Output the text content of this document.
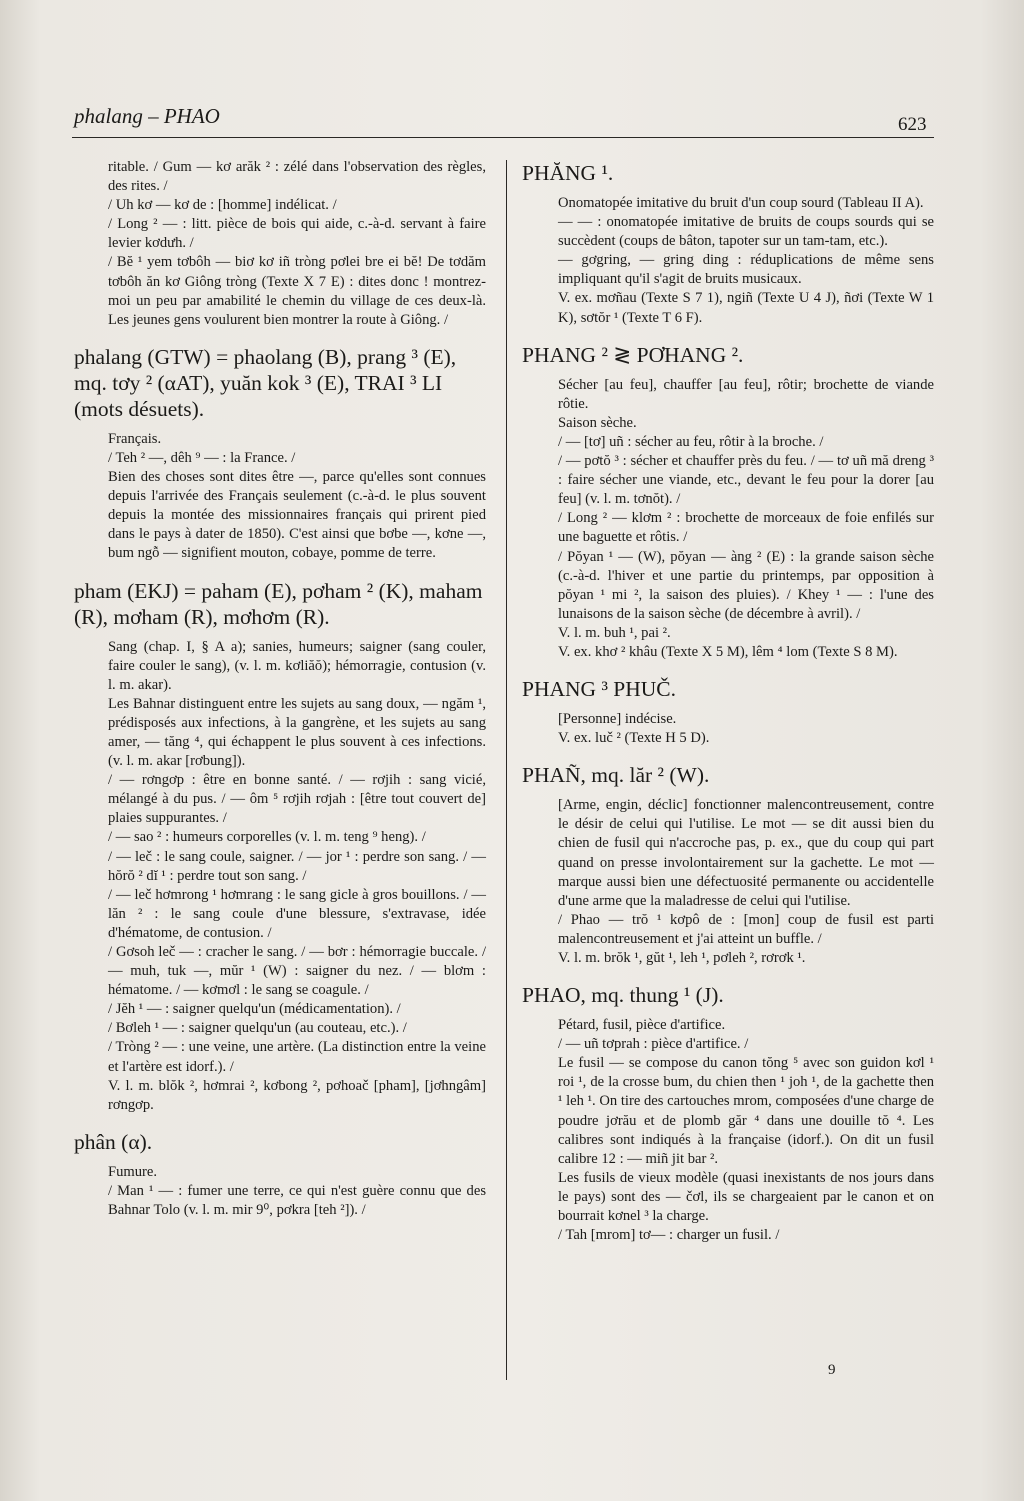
phalang – PHAO	623
ritable. / Gum — kơ arăk ² : zélé dans l'observation des règles, des rites. /
/ Uh kơ — kơ de : [homme] indélicat. /
/ Long ² — : litt. pièce de bois qui aide, c.-à-d. servant à faire levier kơdưh. /
/ Bĕ ¹ yem tơbôh — biơ kơ iñ tròng pơlei bre ei bĕ! De tơdăm tơbôh ăn kơ Giông tròng (Texte X 7 E) : dites donc ! montrez-moi un peu par amabilité le chemin du village de ces deux-là. Les jeunes gens voulurent bien montrer la route à Giông. /
phalang (GTW) = phaolang (B), prang ³ (E), mq. tơy ² (αAT), yuăn kok ³ (E), TRAI ³ LI (mots désuets).
Français.
/ Teh ² —, dêh ⁹ — : la France. /
Bien des choses sont dites être —, parce qu'elles sont connues depuis l'arrivée des Français seulement (c.-à-d. le plus souvent depuis la montée des missionnaires français qui prirent pied dans le pays à dater de 1850). C'est ainsi que bơbe —, kơne —, bum ngỗ — signifient mouton, cobaye, pomme de terre.
pham (EKJ) = paham (E), pơham ² (K), maham (R), mơham (R), mơhơm (R).
Sang (chap. I, § A a); sanies, humeurs; saigner (sang couler, faire couler le sang), (v. l. m. kơliăŏ); hémorragie, contusion (v. l. m. akar).
Les Bahnar distinguent entre les sujets au sang doux, — ngăm ¹, prédisposés aux infections, à la gangrène, et les sujets au sang amer, — tăng ⁴, qui échappent le plus souvent à ces infections. (v. l. m. akar [rơbung]).
/ — rơngơp : être en bonne santé. / — rơjih : sang vicié, mélangé à du pus. / — ôm ⁵ rơjih rơjah : [être tout couvert de] plaies suppurantes. /
/ — sao ² : humeurs corporelles (v. l. m. teng ⁹ heng). /
/ — leč : le sang coule, saigner. / — jor ¹ : perdre son sang. / — hŏrŏ ² dĭ ¹ : perdre tout son sang. /
/ — leč hơmrong ¹ hơmrang : le sang gicle à gros bouillons. / — lăn ² : le sang coule d'une blessure, s'extravase, idée d'hématome, de contusion. /
/ Gơsoh leč — : cracher le sang. / — bơr : hémorragie buccale. / — muh, tuk —, mŭr ¹ (W) : saigner du nez. / — blơm : hématome. / — kơmơl : le sang se coagule. /
/ Jĕh ¹ — : saigner quelqu'un (médicamentation). /
/ Bơleh ¹ — : saigner quelqu'un (au couteau, etc.). /
/ Tròng ² — : une veine, une artère. (La distinction entre la veine et l'artère est idorf.). /
V. l. m. blŏk ², hơmrai ², kơbong ², pơhoač [pham], [jơhngâm] rơngơp.
phân (α).
Fumure.
/ Man ¹ — : fumer une terre, ce qui n'est guère connu que des Bahnar Tolo (v. l. m. mir 9⁰, pơkra [teh ²]). /
PHĂNG ¹.
Onomatopée imitative du bruit d'un coup sourd (Tableau II A).
— — : onomatopée imitative de bruits de coups sourds qui se succèdent (coups de bâton, tapoter sur un tam-tam, etc.).
— gơgring, — gring ding : réduplications de même sens impliquant qu'il s'agit de bruits musicaux.
V. ex. mơñau (Texte S 7 1), ngiñ (Texte U 4 J), ñơi (Texte W 1 K), sơtŏr ¹ (Texte T 6 F).
PHANG ² ≷ PƠHANG ².
Sécher [au feu], chauffer [au feu], rôtir; brochette de viande rôtie.
Saison sèche.
/ — [tơ] uñ : sécher au feu, rôtir à la broche. /
/ — pơtŏ ³ : sécher et chauffer près du feu. / — tơ uñ mă dreng ³ : faire sécher une viande, etc., devant le feu pour la dorer [au feu] (v. l. m. tơnŏt). /
/ Long ² — klơm ² : brochette de morceaux de foie enfilés sur une baguette et rôtis. /
/ Pŏyan ¹ — (W), pŏyan — àng ² (E) : la grande saison sèche (c.-à-d. l'hiver et une partie du printemps, par opposition à pŏyan ¹ mi ², la saison des pluies). / Khey ¹ — : l'une des lunaisons de la saison sèche (de décembre à avril). /
V. l. m. buh ¹, pai ².
V. ex. khơ ² khâu (Texte X 5 M), lêm ⁴ lom (Texte S 8 M).
PHANG ³ PHUČ.
[Personne] indécise.
V. ex. luč ² (Texte H 5 D).
PHAÑ, mq. lăr ² (W).
[Arme, engin, déclic] fonctionner malencontreusement, contre le désir de celui qui l'utilise. Le mot — se dit aussi bien du chien de fusil qui n'accroche pas, p. ex., que du coup qui part quand on presse involontairement sur la gachette. Le mot — marque aussi bien une défectuosité permanente ou accidentelle d'une arme que la maladresse de celui qui l'utilise.
/ Phao — trŏ ¹ kơpô de : [mon] coup de fusil est parti malencontreusement et j'ai atteint un buffle. /
V. l. m. brŏk ¹, gŭt ¹, leh ¹, pơleh ², rơrơk ¹.
PHAO, mq. thung ¹ (J).
Pétard, fusil, pièce d'artifice.
/ — uñ tơprah : pièce d'artifice. /
Le fusil — se compose du canon tŏng ⁵ avec son guidon kơl ¹ roi ¹, de la crosse bum, du chien then ¹ joh ¹, de la gachette then ¹ leh ¹. On tire des cartouches mrom, composées d'une charge de poudre jơrău et de plomb găr ⁴ dans une douille tŏ ⁴. Les calibres sont indiqués à la française (idorf.). On dit un fusil calibre 12 : — miñ jit bar ².
Les fusils de vieux modèle (quasi inexistants de nos jours dans le pays) sont des — čơl, ils se chargeaient par le canon et on bourrait kơnel ³ la charge.
/ Tah [mrom] tơ— : charger un fusil. /
9
